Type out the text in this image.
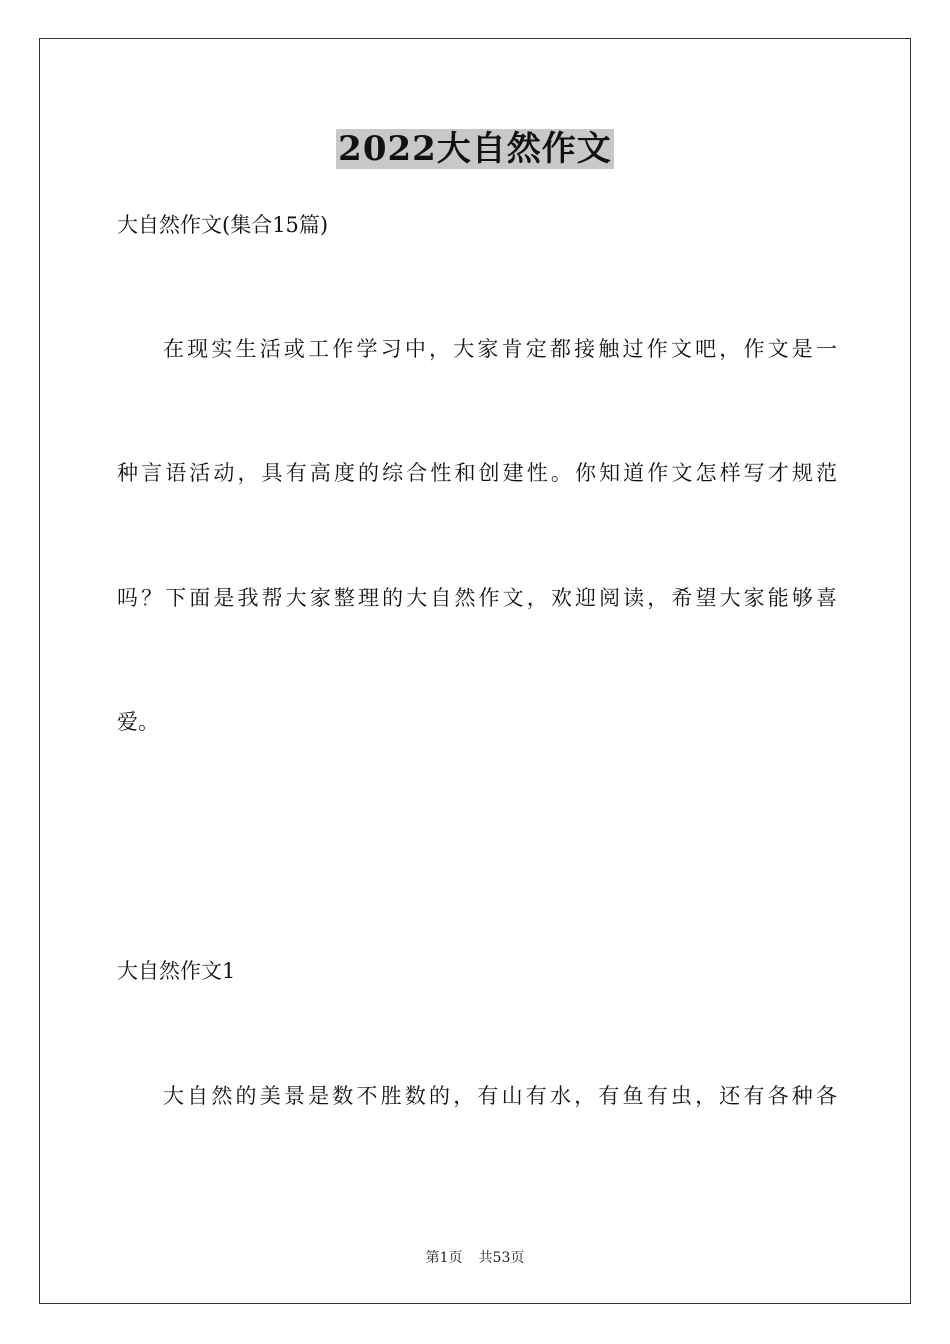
2022大自然作文
大自然作文(集合15篇)
在现实生活或工作学习中，大家肯定都接触过作文吧，作文是一
种言语活动，具有高度的综合性和创建性。你知道作文怎样写才规范
吗？下面是我帮大家整理的大自然作文，欢迎阅读，希望大家能够喜
爱。
大自然作文1
大自然的美景是数不胜数的，有山有水，有鱼有虫，还有各种各
第1页 共53页
